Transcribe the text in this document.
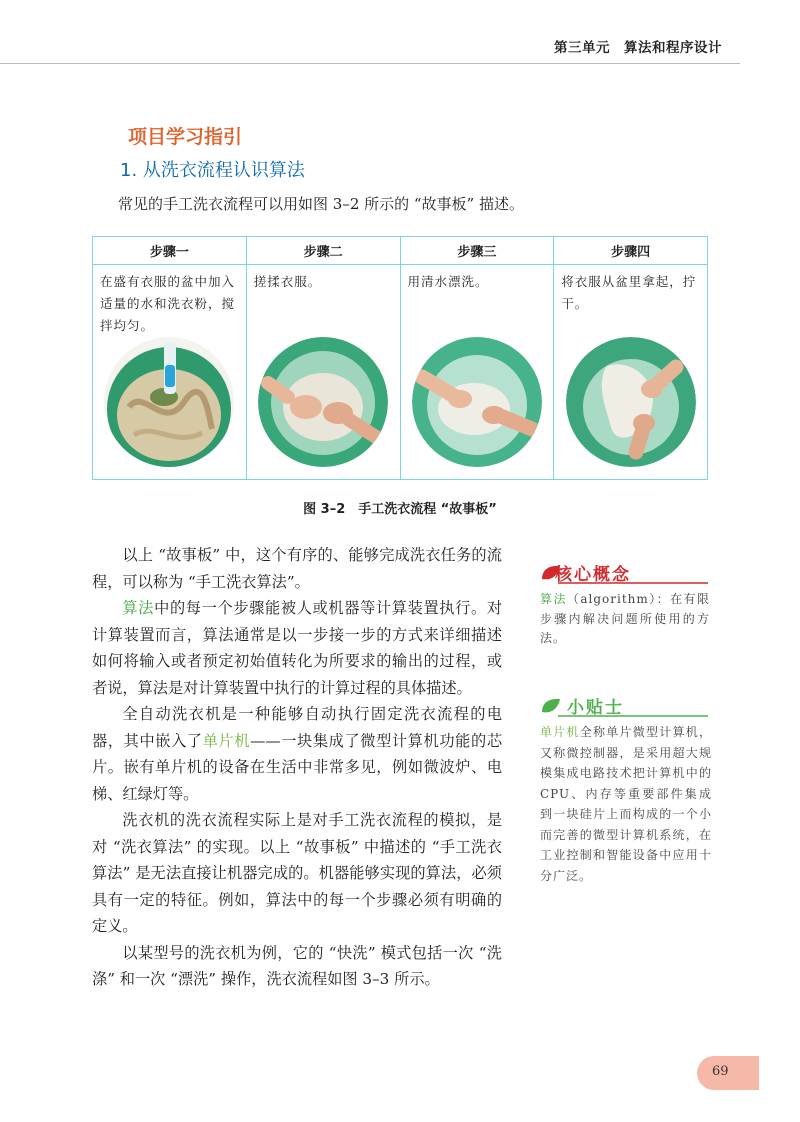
第三单元　算法和程序设计
项目学习指引
1. 从洗衣流程认识算法
常见的手工洗衣流程可以用如图 3–2 所示的 “故事板” 描述。
步骤一	步骤二	步骤三	步骤四

在盛有衣服的盆中加入适量的水和洗衣粉，搅拌均匀。	搓揉衣服。	用清水漂洗。	将衣服从盆里拿起，拧干。
图 3–2　手工洗衣流程 “故事板”

以上 “故事板” 中，这个有序的、能够完成洗衣任务的流程，可以称为 “手工洗衣算法”。

算法中的每一个步骤能被人或机器等计算装置执行。对计算装置而言，算法通常是以一步接一步的方式来详细描述如何将输入或者预定初始值转化为所要求的输出的过程，或者说，算法是对计算装置中执行的计算过程的具体描述。

全自动洗衣机是一种能够自动执行固定洗衣流程的电器，其中嵌入了单片机——一块集成了微型计算机功能的芯片。嵌有单片机的设备在生活中非常多见，例如微波炉、电梯、红绿灯等。

洗衣机的洗衣流程实际上是对手工洗衣流程的模拟，是对 “洗衣算法” 的实现。以上 “故事板” 中描述的 “手工洗衣算法” 是无法直接让机器完成的。机器能够实现的算法，必须具有一定的特征。例如，算法中的每一个步骤必须有明确的定义。

以某型号的洗衣机为例，它的 “快洗” 模式包括一次 “洗涤” 和一次 “漂洗” 操作，洗衣流程如图 3–3 所示。

核心概念
算法（algorithm）：在有限步骤内解决问题所使用的方法。
小贴士
单片机全称单片微型计算机，又称微控制器，是采用超大规模集成电路技术把计算机中的 CPU、内存等重要部件集成到一块硅片上而构成的一个小而完善的微型计算机系统，在工业控制和智能设备中应用十分广泛。
69
